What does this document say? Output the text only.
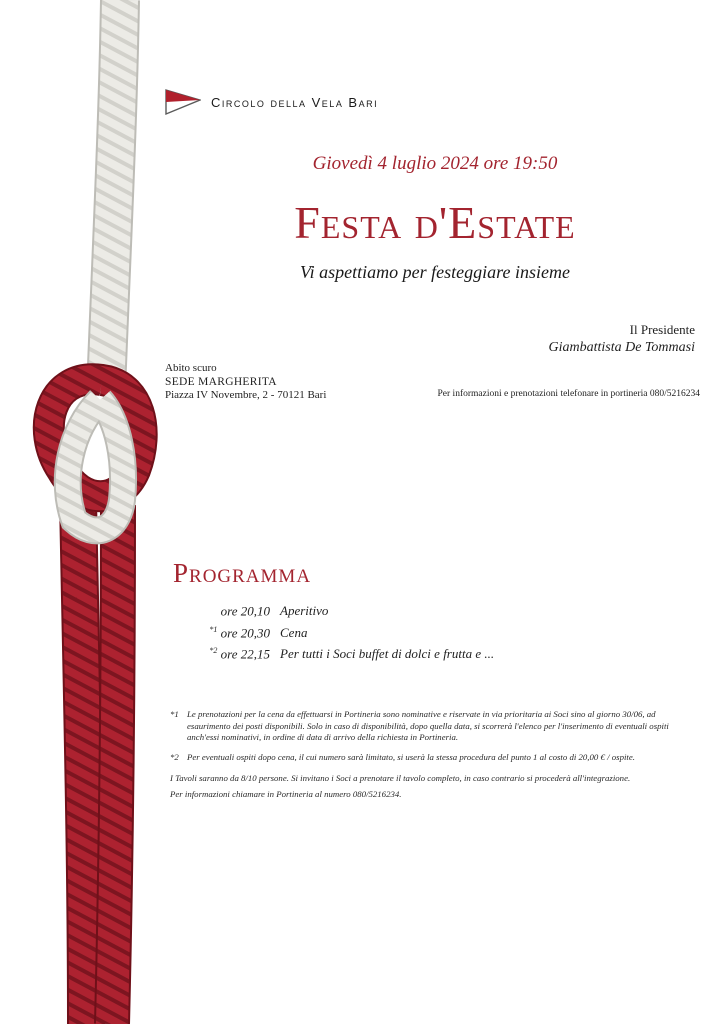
Circolo della Vela Bari
Giovedì 4 luglio 2024 ore 19:50
Festa d'Estate
Vi aspettiamo per festeggiare insieme
Il Presidente
Giambattista De Tommasi
Abito scuro
SEDE MARGHERITA
Piazza IV Novembre, 2 - 70121 Bari	Per informazioni e prenotazioni telefonare in portineria 080/5216234
Programma
ore 20,10 Aperitivo
$^{*1}$ ore 20,30 Cena
$^{*2}$ ore 22,15 Per tutti i Soci buffet di dolci e frutta e ...
*1 Le prenotazioni per la cena da effettuarsi in Portineria sono nominative e riservate in via prioritaria ai Soci sino al giorno 30/06, ad esaurimento dei posti disponibili. Solo in caso di disponibilità, dopo quella data, si scorrerà l'elenco per l'inserimento di eventuali ospiti anch'essi nominativi, in ordine di data di arrivo della richiesta in Portineria.
*2 Per eventuali ospiti dopo cena, il cui numero sarà limitato, si userà la stessa procedura del punto 1 al costo di 20,00 € / ospite.
I Tavoli saranno da 8/10 persone. Si invitano i Soci a prenotare il tavolo completo, in caso contrario si procederà all'integrazione.
Per informazioni chiamare in Portineria al numero 080/5216234.
